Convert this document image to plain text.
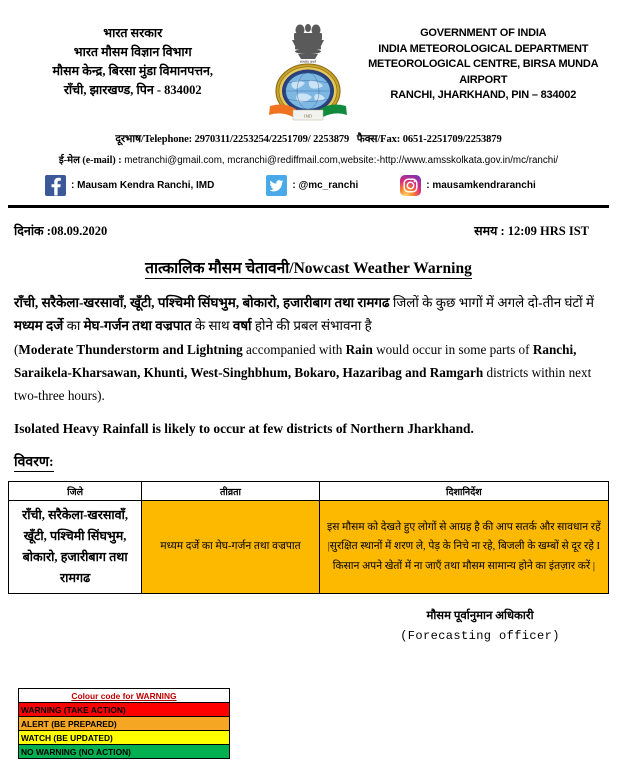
भारत सरकार
भारत मौसम विज्ञान विभाग
मौसम केन्द्र, बिरसा मुंडा विमानपत्तन,
राँची, झारखण्ड, पिन - 834002
सत्यमेव जयते
IMD
GOVERNMENT OF INDIA
INDIA METEOROLOGICAL DEPARTMENT
METEOROLOGICAL CENTRE, BIRSA MUNDA AIRPORT
RANCHI, JHARKHAND, PIN – 834002
दूरभाष/Telephone: 2970311/2253254/2251709/ 2253879 फैक्स/Fax: 0651-2251709/2253879
ई-मेल (e-mail) : metranchi@gmail.com, mcranchi@rediffmail.com,website:-http://www.amsskolkata.gov.in/mc/ranchi/
: Mausam Kendra Ranchi, IMD	: @mc_ranchi	: mausamkendraranchi
दिनांक :08.09.2020	समय : 12:09 HRS IST
तात्कालिक मौसम चेतावनी/Nowcast Weather Warning
राँची, सरैकेला-खरसावाँ, खूँटी, पश्चिमी सिंघभुम, बोकारो, हजारीबाग तथा रामगढ जिलों के कुछ भागों में अगले दो-तीन घंटों में मध्यम दर्जे का मेघ-गर्जन तथा वज्रपात के साथ वर्षा होने की प्रबल संभावना है
(Moderate Thunderstorm and Lightning accompanied with Rain would occur in some parts of Ranchi, Saraikela-Kharsawan, Khunti, West-Singhbhum, Bokaro, Hazaribag and Ramgarh districts within next two-three hours).
Isolated Heavy Rainfall is likely to occur at few districts of Northern Jharkhand.
विवरण:
जिले	तीव्रता	दिशानिर्देश
राँची, सरैकेला-खरसावाँ, खूँटी, पश्चिमी सिंघभुम, बोकारो, हजारीबाग तथा रामगढ	मध्यम दर्जे का मेघ-गर्जन तथा वज्रपात	इस मौसम को देखते हुए लोगों से आग्रह है की आप सतर्क और सावधान रहें |सुरक्षित स्थानों में शरण ले, पेड़ के निचे ना रहे, बिजली के खम्बों से दूर रहे I किसान अपने खेतों में ना जाएँ तथा मौसम सामान्य होने का इंतज़ार करें |
मौसम पूर्वानुमान अधिकारी
(Forecasting officer)
Colour code for WARNING
WARNING (TAKE ACTION)
ALERT (BE PREPARED)
WATCH (BE UPDATED)
NO WARNING (NO ACTION)
